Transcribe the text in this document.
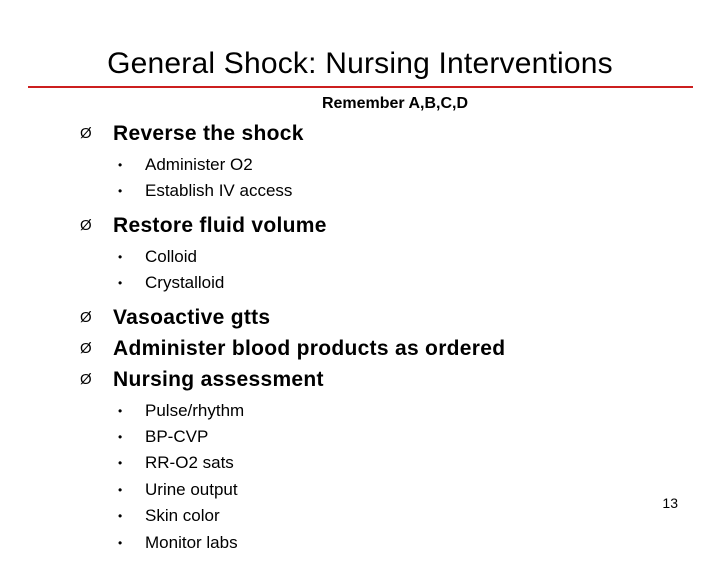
General Shock: Nursing Interventions
Remember A,B,C,D
Ø Reverse the shock
• Administer O2
• Establish IV access
Ø Restore fluid volume
• Colloid
• Crystalloid
Ø Vasoactive gtts
Ø Administer blood products as ordered
Ø Nursing assessment
• Pulse/rhythm
• BP-CVP
• RR-O2 sats
• Urine output
• Skin color
• Monitor labs
13
